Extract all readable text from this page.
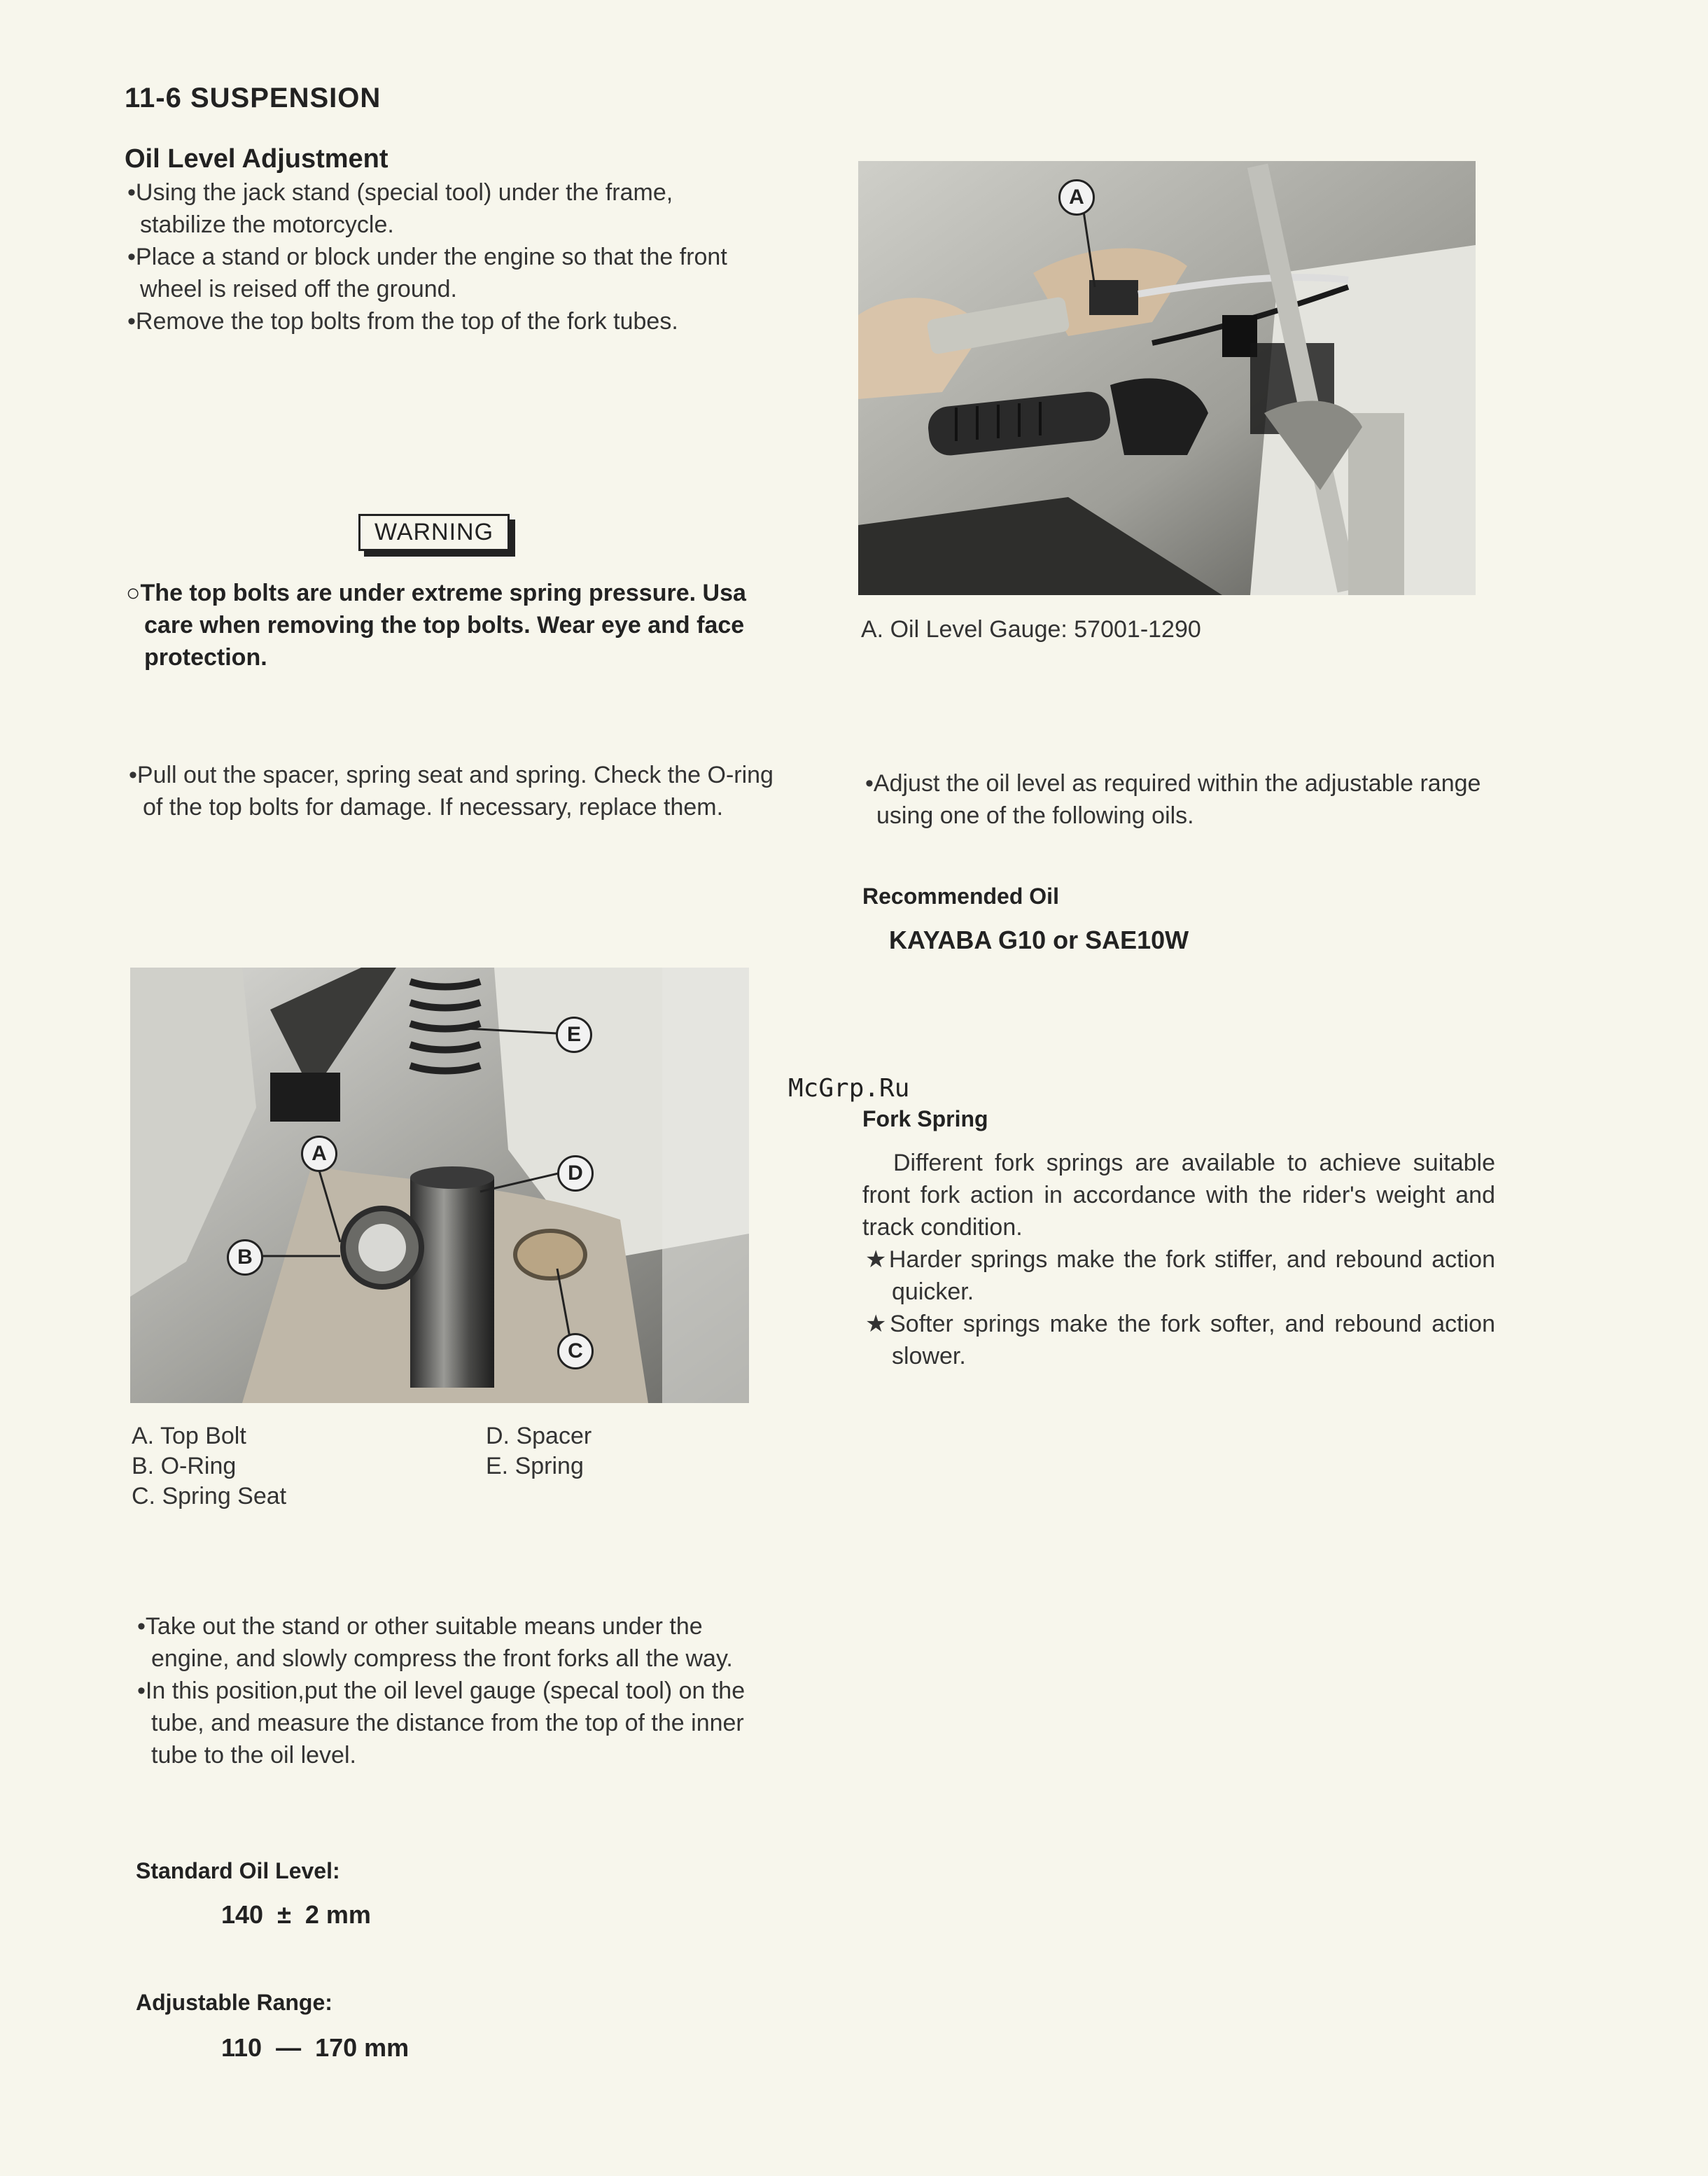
11-6 SUSPENSION
Oil Level Adjustment

•Using the jack stand (special tool) under the frame, stabilize the motorcycle.

•Place a stand or block under the engine so that the front wheel is reised off the ground.

•Remove the top bolts from the top of the fork tubes.

WARNING
○The top bolts are under extreme spring pressure. Usa care when removing the top bolts. Wear eye and face protection.
•Pull out the spacer, spring seat and spring. Check the O-ring of the top bolts for damage. If necessary, replace them.
A
B
C
D
E
A. Top Bolt
B. O-Ring
C. Spring Seat
D. Spacer
E. Spring

•Take out the stand or other suitable means under the engine, and slowly compress the front forks all the way.

•In this position,put the oil level gauge (specal tool) on the tube, and measure the distance from the top of the inner tube to the oil level.

Standard Oil Level:
140  ±  2 mm
Adjustable Range:
110  —  170 mm
A
A. Oil Level Gauge: 57001-1290
•Adjust the oil level as required within the adjustable range using one of the following oils.
Recommended Oil
KAYABA G10 or SAE10W
McGrp.Ru
Fork Spring

Different fork springs are available to achieve suitable front fork action in accordance with the rider's weight and track condition.

★Harder springs make the fork stiffer, and rebound action quicker.

★Softer springs make the fork softer, and rebound action slower.
